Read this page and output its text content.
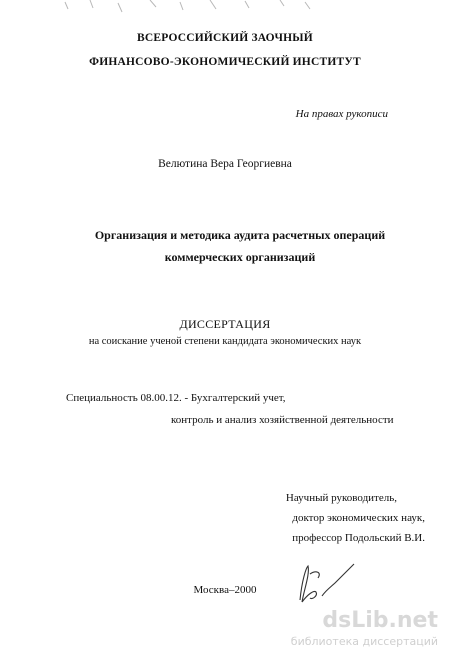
ВСЕРОССИЙСКИЙ ЗАОЧНЫЙ
ФИНАНСОВО-ЭКОНОМИЧЕСКИЙ ИНСТИТУТ
На правах рукописи
Велютина Вера Георгиевна
Организация и методика аудита расчетных операций
коммерческих организаций
ДИССЕРТАЦИЯ
на соискание ученой степени кандидата экономических наук
Специальность 08.00.12. - Бухгалтерский учет,
контроль и анализ хозяйственной деятельности
Научный руководитель,
доктор экономических наук,
профессор Подольский В.И.
Москва–2000
dsLib.net
библиотека диссертаций
